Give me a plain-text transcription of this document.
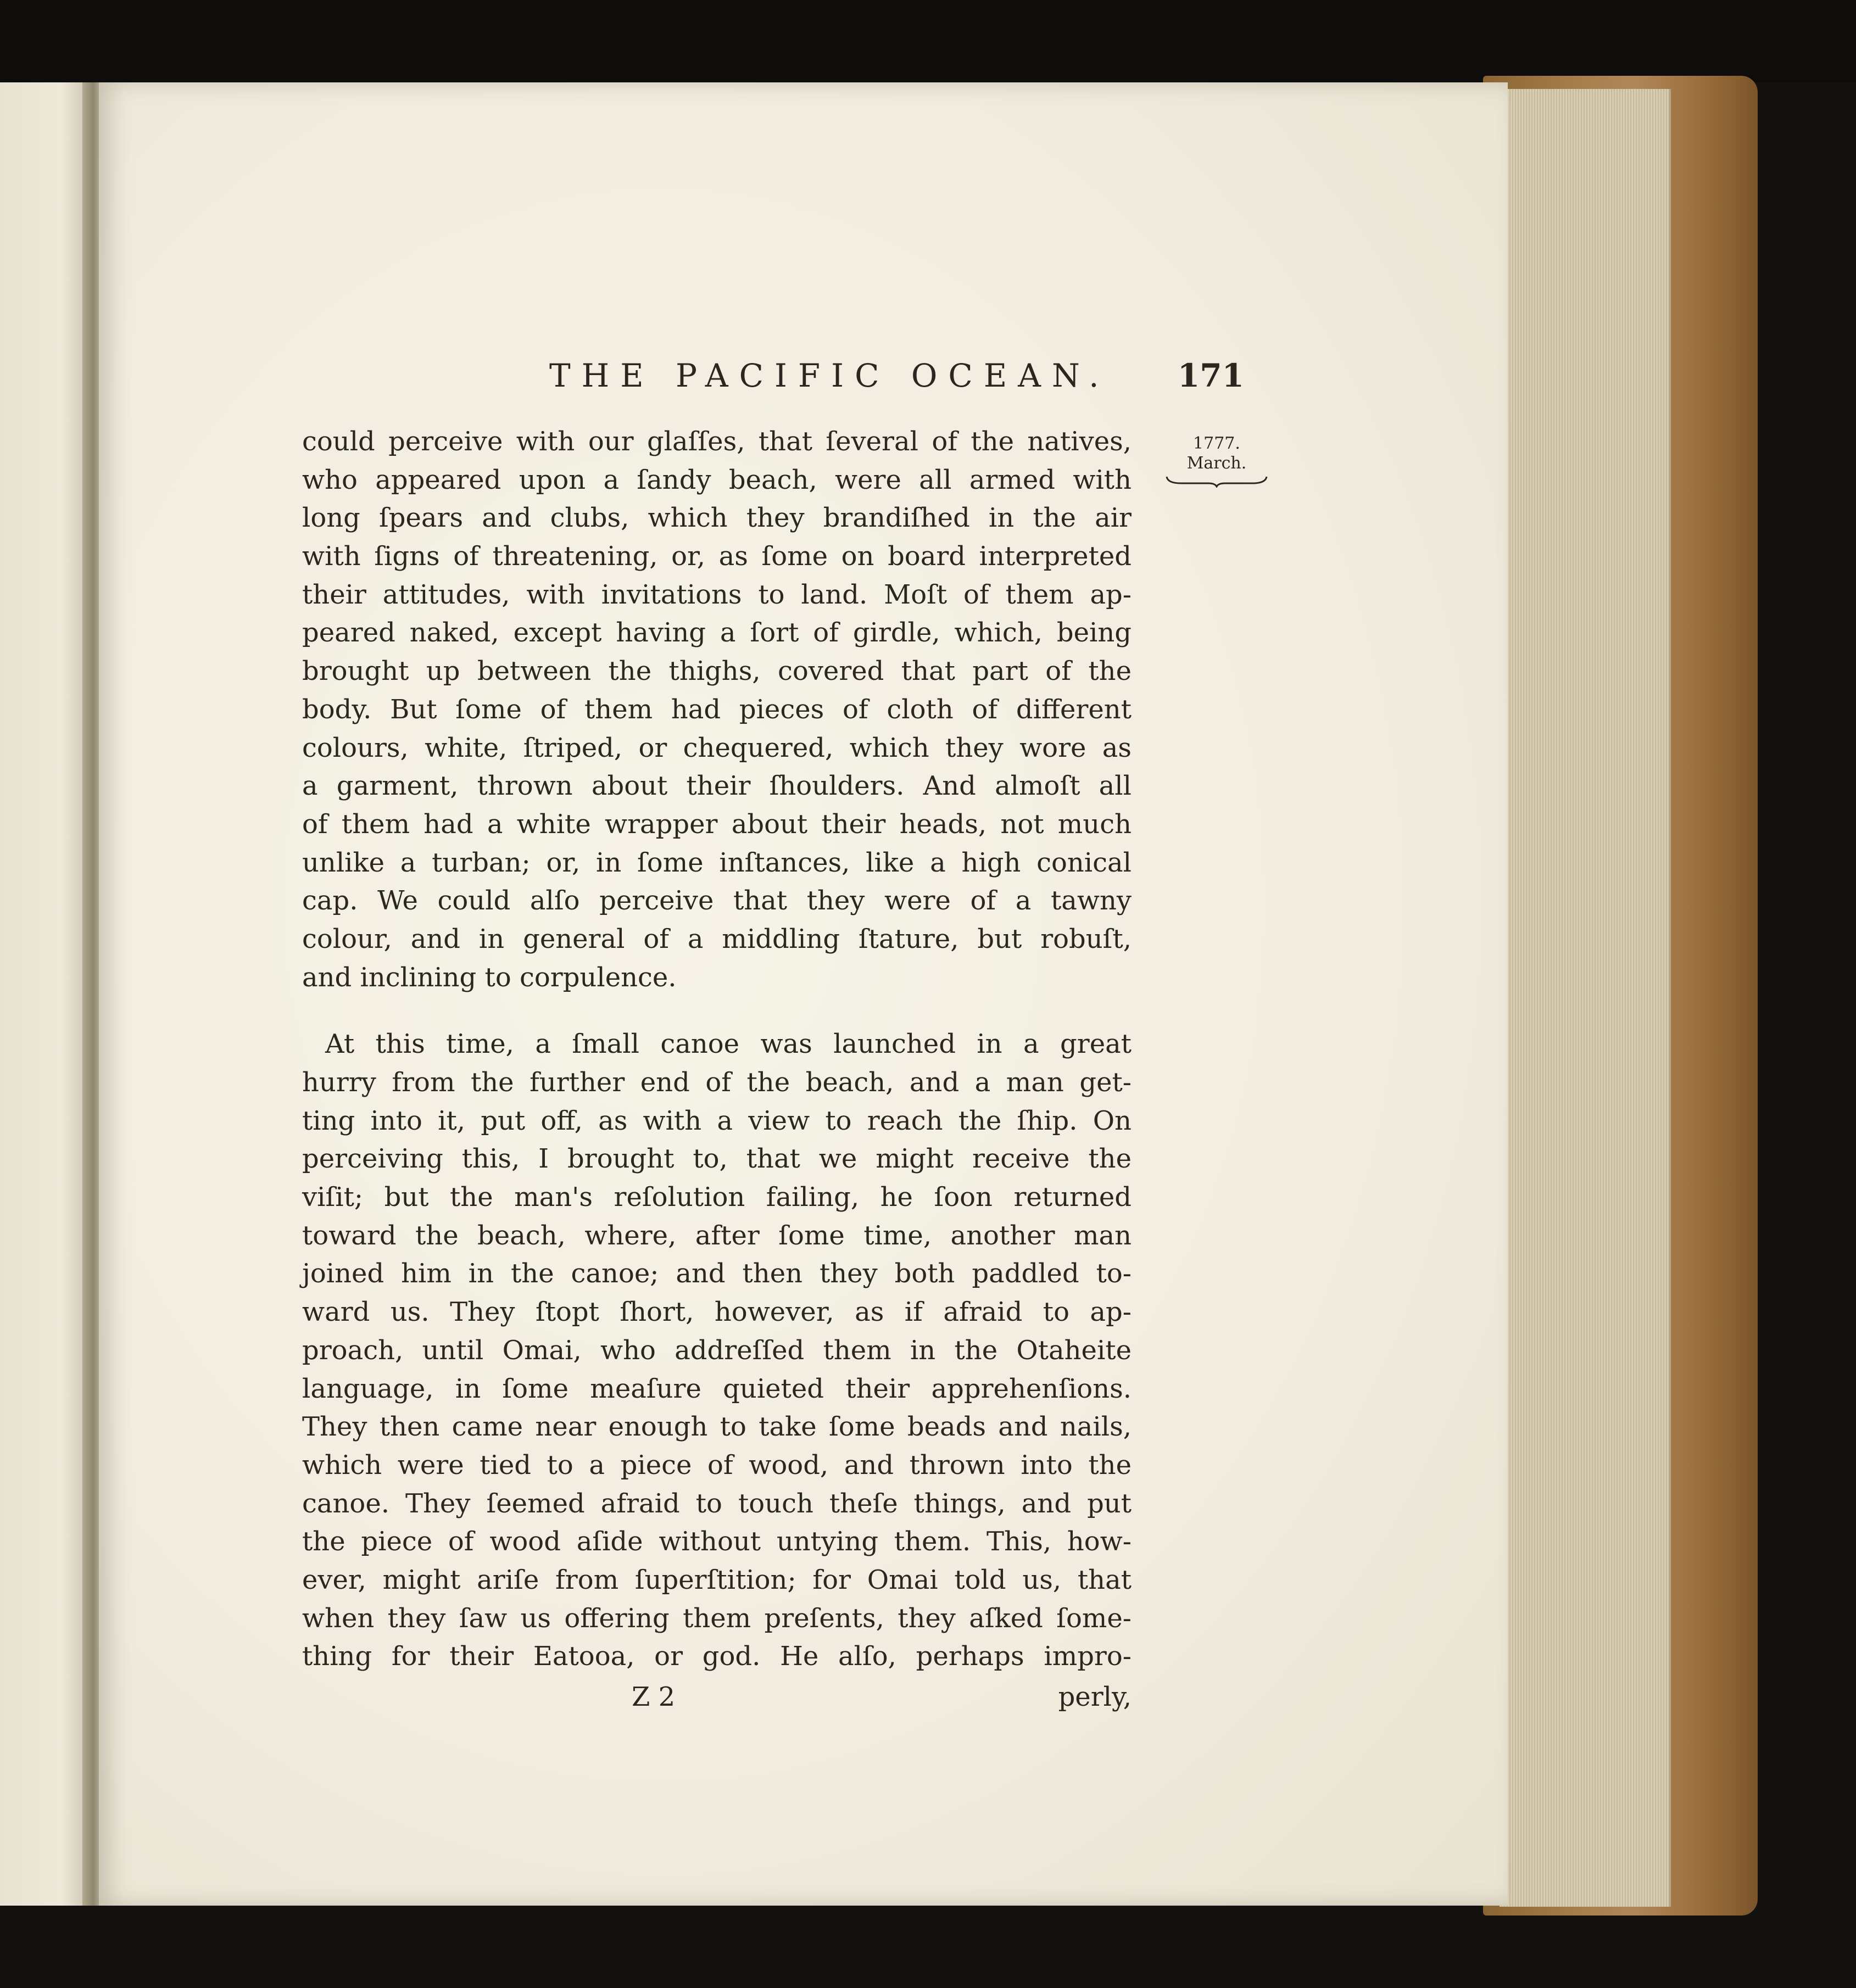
THE PACIFIC OCEAN. 171
1777.
March.
could perceive with our glaſſes, that ſeveral of the natives,
who appeared upon a ſandy beach, were all armed with
long ſpears and clubs, which they brandiſhed in the air
with ſigns of threatening, or, as ſome on board interpreted
their attitudes, with invitations to land. Moſt of them ap-
peared naked, except having a ſort of girdle, which, being
brought up between the thighs, covered that part of the
body. But ſome of them had pieces of cloth of different
colours, white, ſtriped, or chequered, which they wore as
a garment, thrown about their ſhoulders. And almoſt all
of them had a white wrapper about their heads, not much
unlike a turban; or, in ſome inſtances, like a high conical
cap. We could alſo perceive that they were of a tawny
colour, and in general of a middling ſtature, but robuſt,
and inclining to corpulence.
At this time, a ſmall canoe was launched in a great
hurry from the further end of the beach, and a man get-
ting into it, put off, as with a view to reach the ſhip. On
perceiving this, I brought to, that we might receive the
viſit; but the man's reſolution failing, he ſoon returned
toward the beach, where, after ſome time, another man
joined him in the canoe; and then they both paddled to-
ward us. They ſtopt ſhort, however, as if afraid to ap-
proach, until Omai, who addreſſed them in the Otaheite
language, in ſome meaſure quieted their apprehenſions.
They then came near enough to take ſome beads and nails,
which were tied to a piece of wood, and thrown into the
canoe. They ſeemed afraid to touch theſe things, and put
the piece of wood aſide without untying them. This, how-
ever, might ariſe from ſuperſtition; for Omai told us, that
when they ſaw us offering them preſents, they aſked ſome-
thing for their Eatooa, or god. He alſo, perhaps impro-
Z 2	perly,
